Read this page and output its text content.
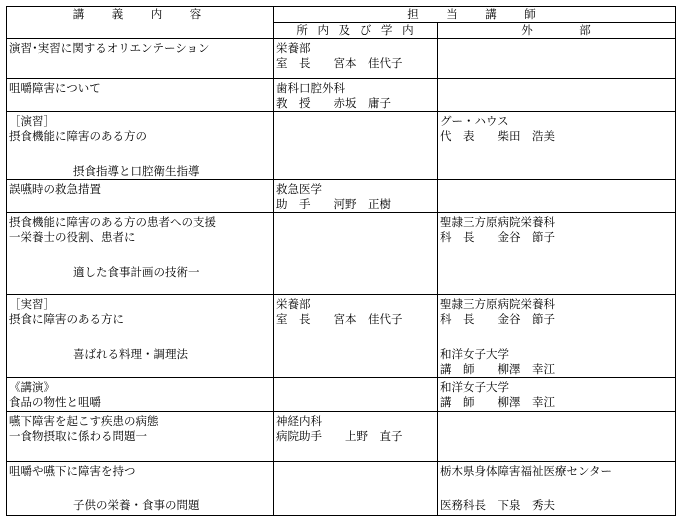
講　義　内　容	担　当　講　師	
	所 内 及 び 学 内	外　　　部

演習･実習に関するオリエンテーション	栄養部
室　長　　宮本　佳代子	

咀嚼障害について	歯科口腔外科
教　授　　赤坂　庸子	

［演習］
摂食機能に障害のある方の
摂食指導と口腔衛生指導		グー・ハウス
代　表　　柴田　浩美

誤嚥時の救急措置	救急医学
助　手　　河野　正樹	

摂食機能に障害のある方の患者への支援
一栄養士の役割、患者に
適した食事計画の技術一		聖隷三方原病院栄養科
科　長　　金谷　節子

［実習］
摂食に障害のある方に
喜ばれる料理・調理法	栄養部
室　長　　宮本　佳代子	聖隷三方原病院栄養科
科　長　　金谷　節子
和洋女子大学
講　師　　柳澤　幸江

《講演》
食品の物性と咀嚼		和洋女子大学
講　師　　柳澤　幸江

嚥下障害を起こす疾患の病態
一食物摂取に係わる問題一	神経内科
病院助手　　上野　直子	

咀嚼や嚥下に障害を持つ
子供の栄養・食事の問題		栃木県身体障害福祉医療センター
医務科長　下泉　秀夫
